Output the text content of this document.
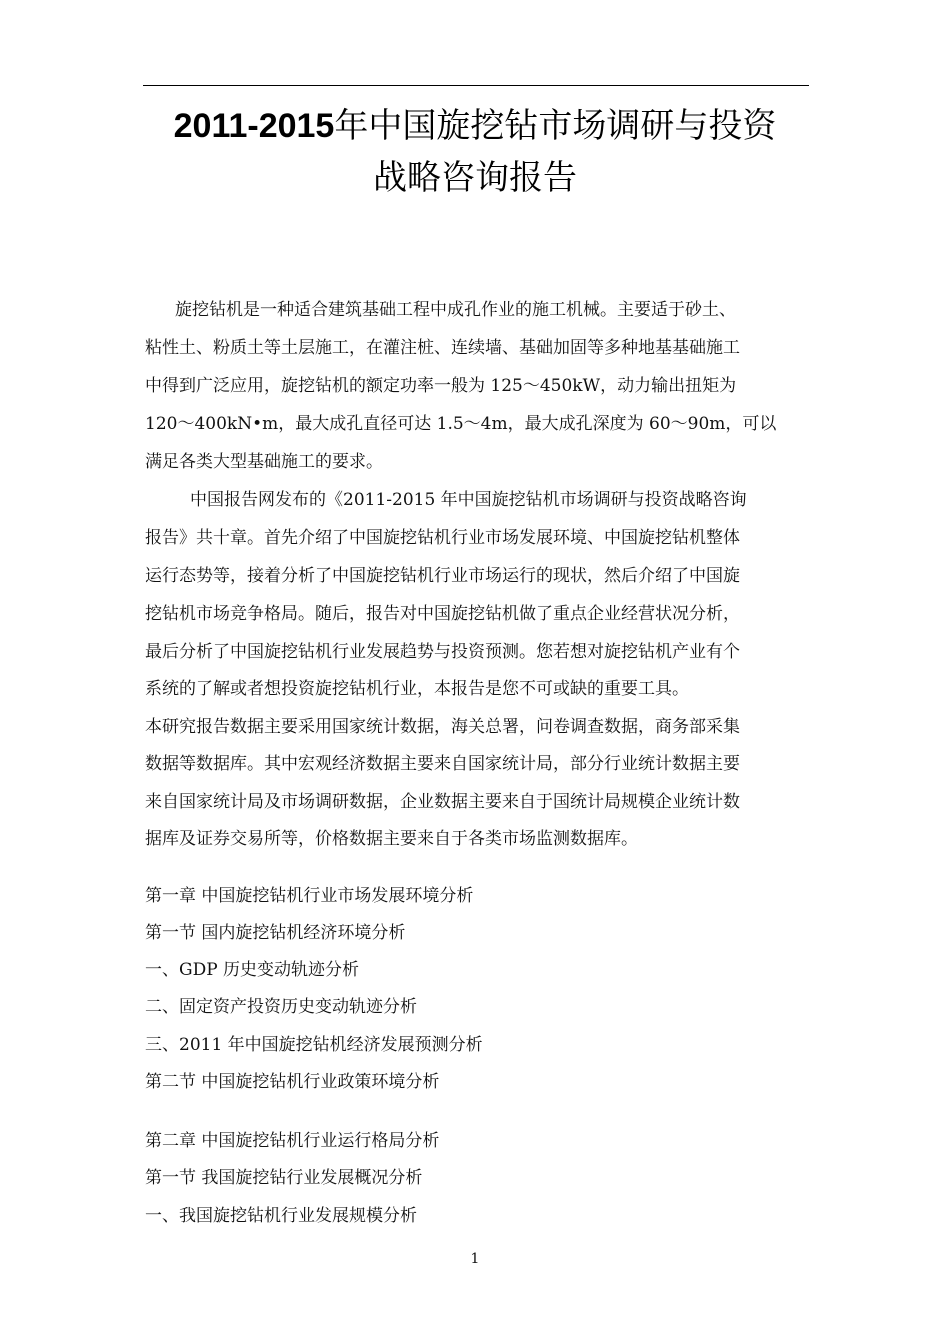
2011-2015年中国旋挖钻市场调研与投资
战略咨询报告
旋挖钻机是一种适合建筑基础工程中成孔作业的施工机械。主要适于砂土、
粘性土、粉质土等土层施工，在灌注桩、连续墙、基础加固等多种地基基础施工
中得到广泛应用，旋挖钻机的额定功率一般为 125～450kW，动力输出扭矩为
120～400kN•m，最大成孔直径可达 1.5～4m，最大成孔深度为 60～90m，可以
满足各类大型基础施工的要求。
中国报告网发布的《2011-2015 年中国旋挖钻机市场调研与投资战略咨询
报告》共十章。首先介绍了中国旋挖钻机行业市场发展环境、中国旋挖钻机整体
运行态势等，接着分析了中国旋挖钻机行业市场运行的现状，然后介绍了中国旋
挖钻机市场竞争格局。随后，报告对中国旋挖钻机做了重点企业经营状况分析，
最后分析了中国旋挖钻机行业发展趋势与投资预测。您若想对旋挖钻机产业有个
系统的了解或者想投资旋挖钻机行业，本报告是您不可或缺的重要工具。
本研究报告数据主要采用国家统计数据，海关总署，问卷调查数据，商务部采集
数据等数据库。其中宏观经济数据主要来自国家统计局，部分行业统计数据主要
来自国家统计局及市场调研数据，企业数据主要来自于国统计局规模企业统计数
据库及证券交易所等，价格数据主要来自于各类市场监测数据库。
第一章 中国旋挖钻机行业市场发展环境分析
第一节 国内旋挖钻机经济环境分析
一、GDP 历史变动轨迹分析
二、固定资产投资历史变动轨迹分析
三、2011 年中国旋挖钻机经济发展预测分析
第二节 中国旋挖钻机行业政策环境分析
第二章 中国旋挖钻机行业运行格局分析
第一节 我国旋挖钻行业发展概况分析
一、我国旋挖钻机行业发展规模分析
1
